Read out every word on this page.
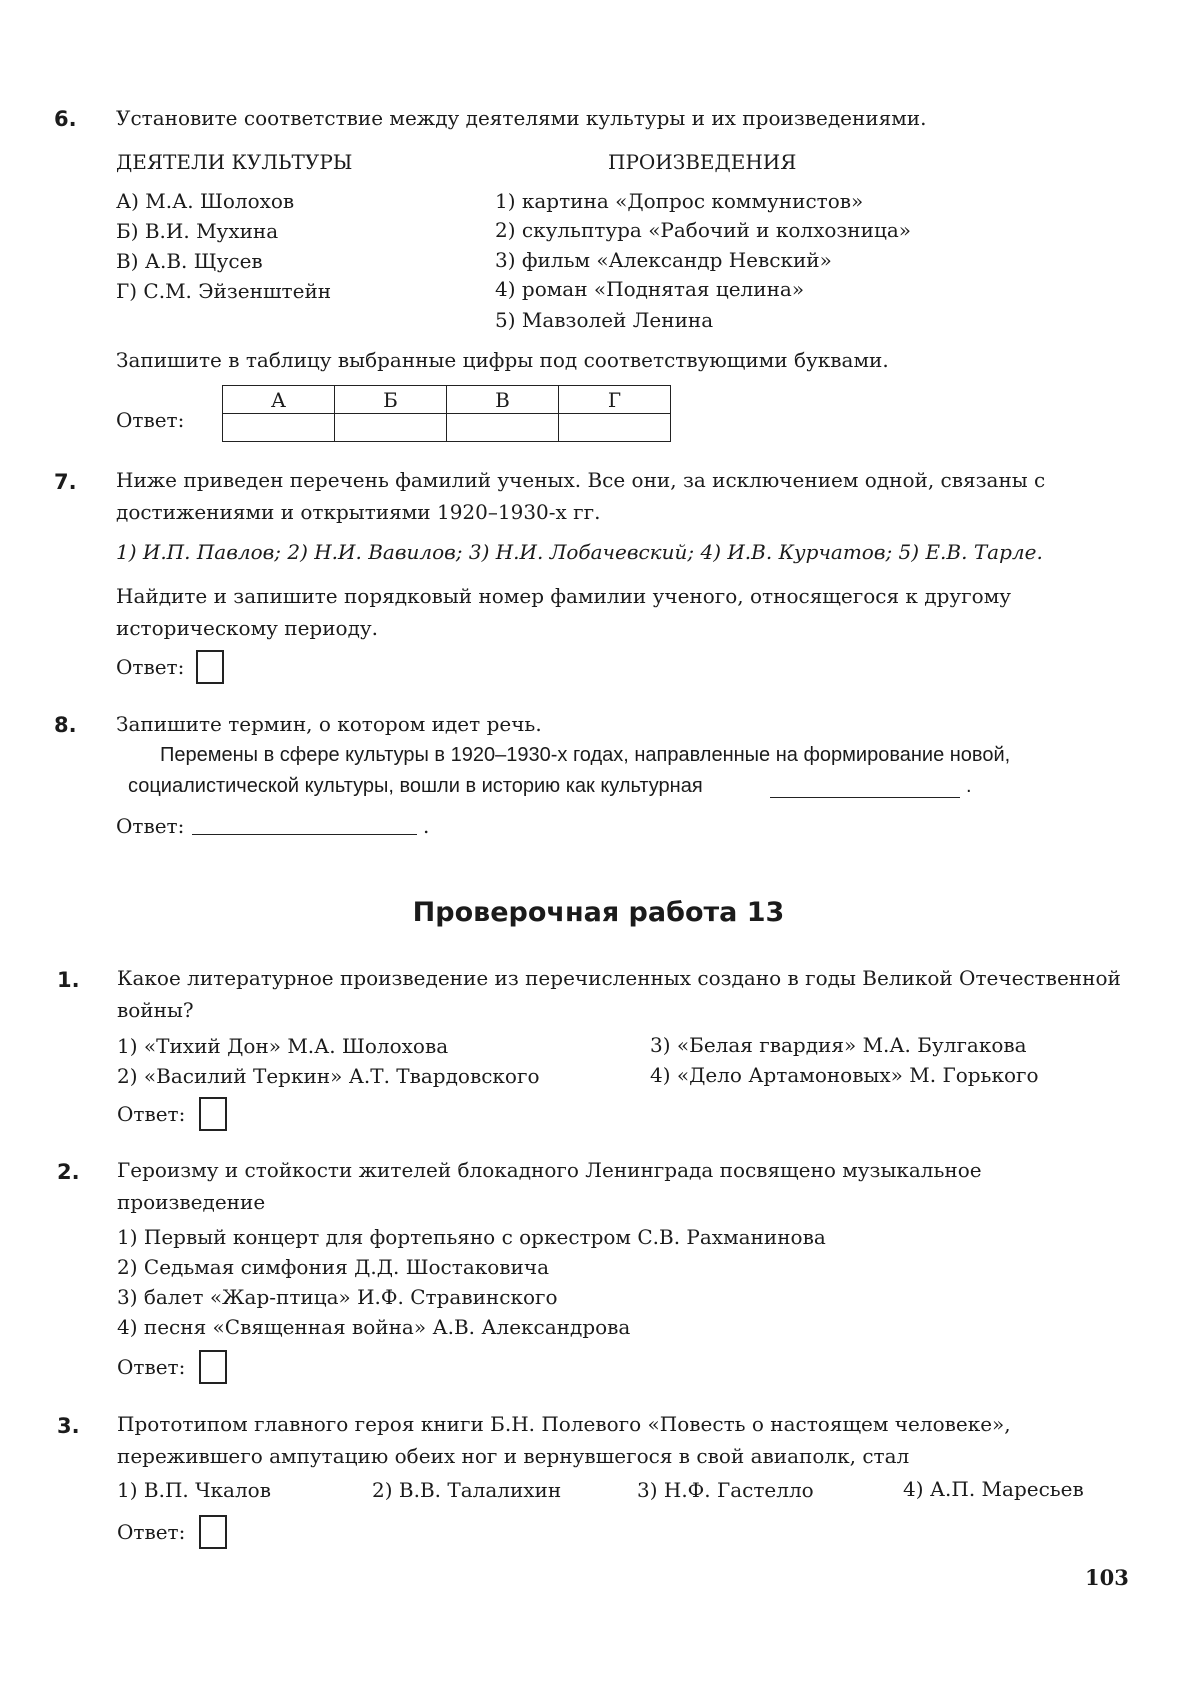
6. Установите соответствие между деятелями культуры и их произведениями.
ДЕЯТЕЛИ КУЛЬТУРЫ	ПРОИЗВЕДЕНИЯ
А) М.А. Шолохов
Б) В.И. Мухина
В) А.В. Щусев
Г) С.М. Эйзенштейн
1) картина «Допрос коммунистов»
2) скульптура «Рабочий и колхозница»
3) фильм «Александр Невский»
4) роман «Поднятая целина»
5) Мавзолей Ленина
Запишите в таблицу выбранные цифры под соответствующими буквами.
Ответ:
А	Б	В	Г

7. Ниже приведен перечень фамилий ученых. Все они, за исключением одной, связаны с достижениями и открытиями 1920–1930-х гг.
1) И.П. Павлов; 2) Н.И. Вавилов; 3) Н.И. Лобачевский; 4) И.В. Курчатов; 5) Е.В. Тарле.
Найдите и запишите порядковый номер фамилии ученого, относящегося к другому историческому периоду.
Ответ:
8. Запишите термин, о котором идет речь.
Перемены в сфере культуры в 1920–1930-х годах, направленные на формирование новой,
социалистической культуры, вошли в историю как культурная	.
Ответ:	.
Проверочная работа 13
1. Какое литературное произведение из перечисленных создано в годы Великой Отечественной войны?
1) «Тихий Дон» М.А. Шолохова
2) «Василий Теркин» А.Т. Твардовского
3) «Белая гвардия» М.А. Булгакова
4) «Дело Артамоновых» М. Горького
Ответ:
2. Героизму и стойкости жителей блокадного Ленинграда посвящено музыкальное произведение
1) Первый концерт для фортепьяно с оркестром С.В. Рахманинова
2) Седьмая симфония Д.Д. Шостаковича
3) балет «Жар-птица» И.Ф. Стравинского
4) песня «Священная война» А.В. Александрова
Ответ:
3. Прототипом главного героя книги Б.Н. Полевого «Повесть о настоящем человеке», пережившего ампутацию обеих ног и вернувшегося в свой авиаполк, стал
1) В.П. Чкалов	2) В.В. Талалихин	3) Н.Ф. Гастелло	4) А.П. Маресьев
Ответ:
103
